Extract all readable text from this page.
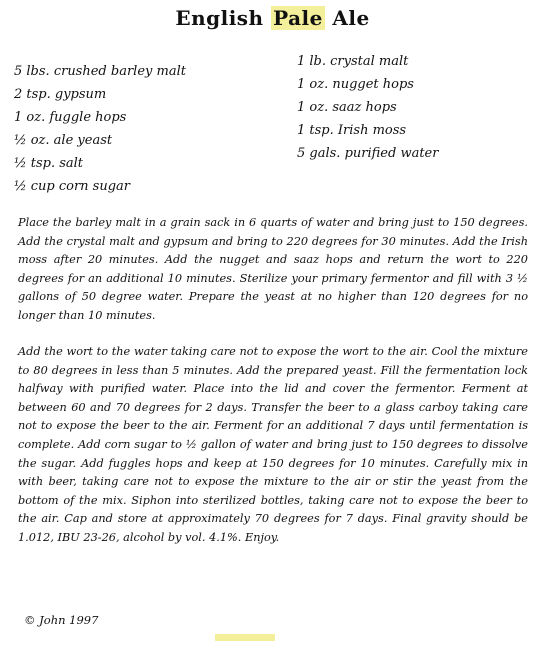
English Pale Ale
5 lbs. crushed barley malt
2 tsp. gypsum
1 oz. fuggle hops
½ oz. ale yeast
½ tsp. salt
½ cup corn sugar
1 lb. crystal malt
1 oz. nugget hops
1 oz. saaz hops
1 tsp. Irish moss
5 gals. purified water

Place the barley malt in a grain sack in 6 quarts of water and bring just to 150 degrees. Add the crystal malt and gypsum and bring to 220 degrees for 30 minutes. Add the Irish moss after 20 minutes. Add the nugget and saaz hops and return the wort to 220 degrees for an additional 10 minutes. Sterilize your primary fermentor and fill with 3 ½ gallons of 50 degree water. Prepare the yeast at no higher than 120 degrees for no longer than 10 minutes.

Add the wort to the water taking care not to expose the wort to the air. Cool the mixture to 80 degrees in less than 5 minutes. Add the prepared yeast. Fill the fermentation lock halfway with purified water. Place into the lid and cover the fermentor. Ferment at between 60 and 70 degrees for 2 days. Transfer the beer to a glass carboy taking care not to expose the beer to the air. Ferment for an additional 7 days until fermentation is complete. Add corn sugar to ½ gallon of water and bring just to 150 degrees to dissolve the sugar. Add fuggles hops and keep at 150 degrees for 10 minutes. Carefully mix in with beer, taking care not to expose the mixture to the air or stir the yeast from the bottom of the mix. Siphon into sterilized bottles, taking care not to expose the beer to the air. Cap and store at approximately 70 degrees for 7 days. Final gravity should be 1.012, IBU 23-26, alcohol by vol. 4.1%. Enjoy.

© John 1997
